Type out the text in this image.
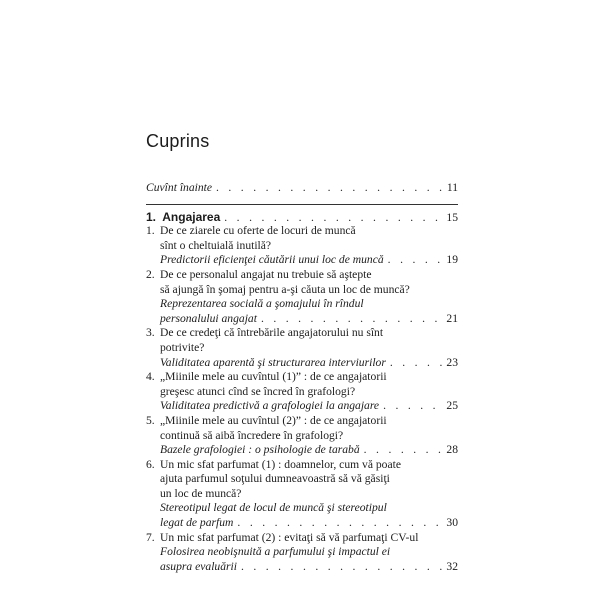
Cuprins
Cuvînt înainte . . .	11
1. Angajarea . . .	15
1. De ce ziarele cu oferte de locuri de muncă
sînt o cheltuială inutilă?
Predictorii eficienţei căutării unui loc de muncă . . .	19
2. De ce personalul angajat nu trebuie să aştepte
să ajungă în şomaj pentru a-şi căuta un loc de muncă?
Reprezentarea socială a şomajului în rîndul
personalului angajat . . .	21
3. De ce credeţi că întrebările angajatorului nu sînt
potrivite?
Validitatea aparentă şi structurarea interviurilor . . .	23
4. „Miinile mele au cuvîntul (1)” : de ce angajatorii
greşesc atunci cînd se încred în grafologi?
Validitatea predictivă a grafologiei la angajare . . .	25
5. „Miinile mele au cuvîntul (2)” : de ce angajatorii
continuă să aibă încredere în grafologi?
Bazele grafologiei : o psihologie de tarabă . . .	28
6. Un mic sfat parfumat (1) : doamnelor, cum vă poate
ajuta parfumul soţului dumneavoastră să vă găsiţi
un loc de muncă?
Stereotipul legat de locul de muncă şi stereotipul
legat de parfum . . .	30
7. Un mic sfat parfumat (2) : evitaţi să vă parfumaţi CV-ul
Folosirea neobişnuită a parfumului şi impactul ei
asupra evaluării . . .	32
